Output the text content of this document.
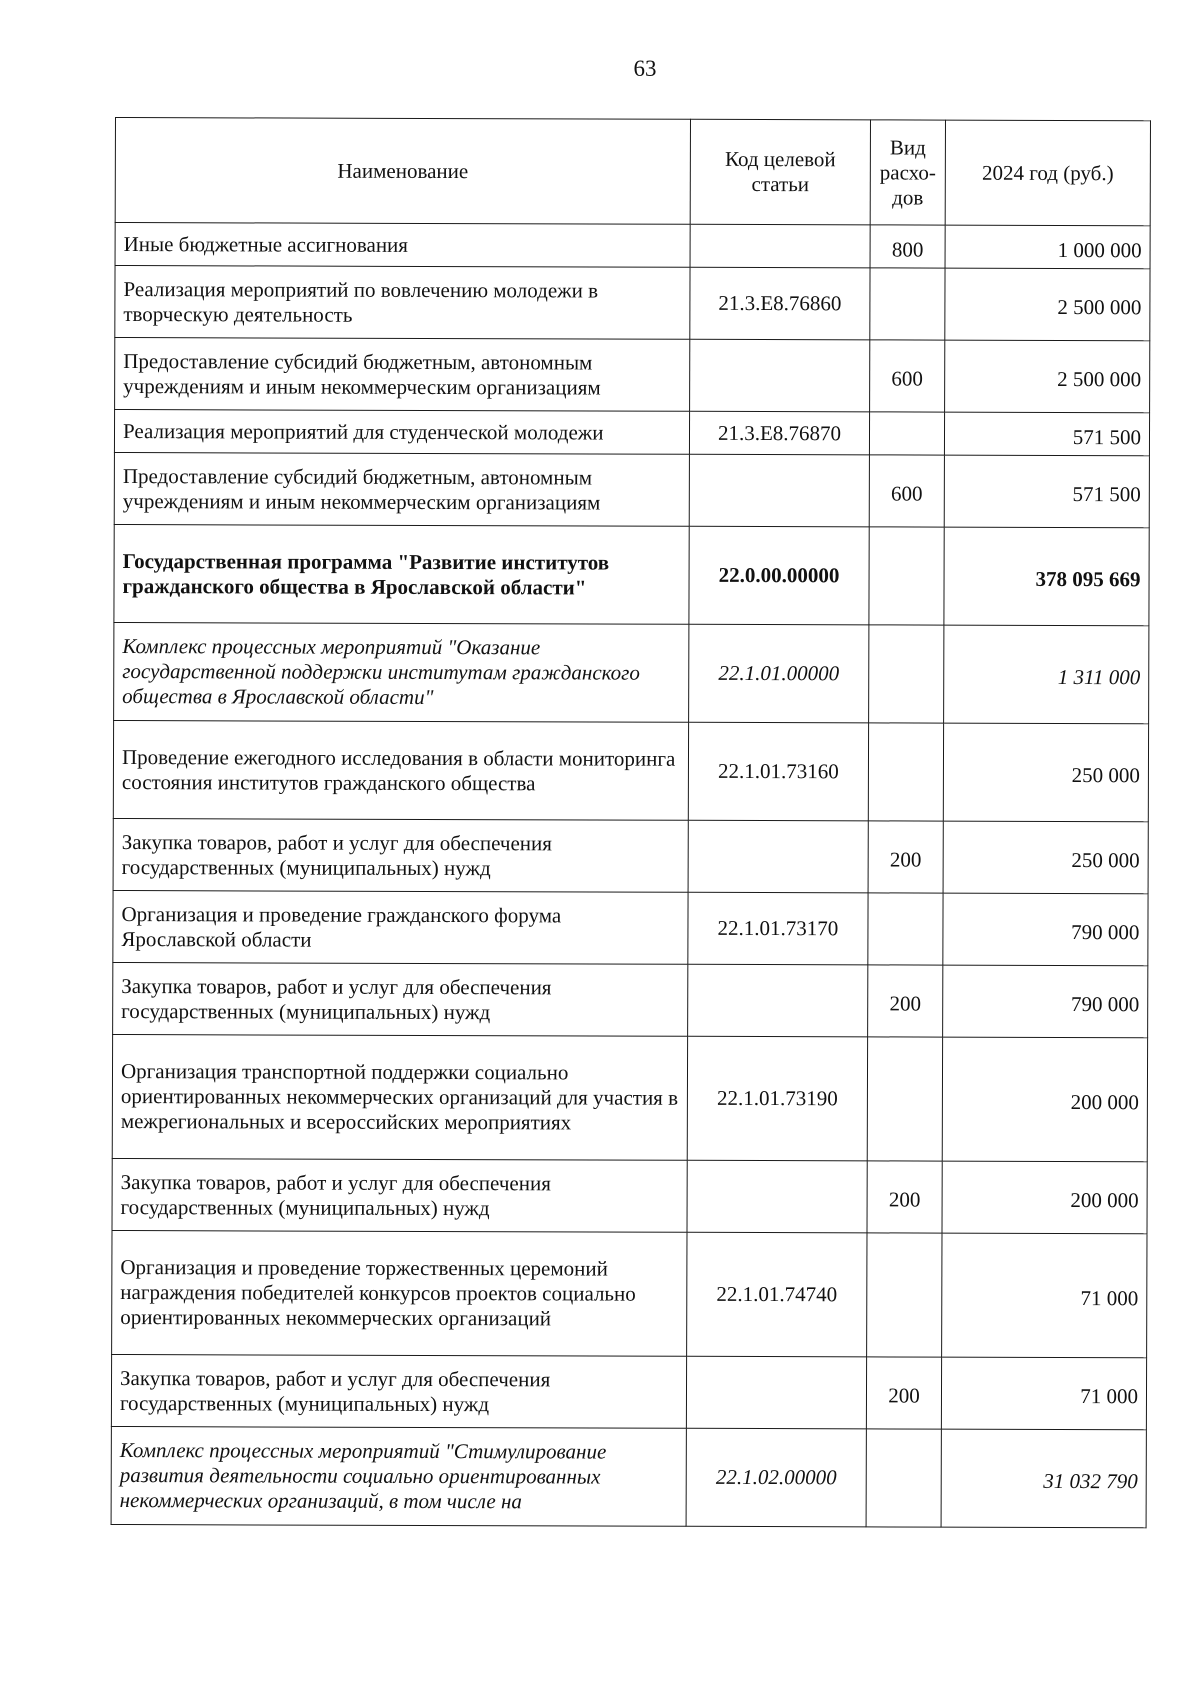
63
Наименование	Код целевой статьи	Вид расхо-дов	2024 год (руб.)
Иные бюджетные ассигнования		800	1 000 000
Реализация мероприятий по вовлечению молодежи в творческую деятельность	21.3.E8.76860		2 500 000
Предоставление субсидий бюджетным, автономным учреждениям и иным некоммерческим организациям		600	2 500 000
Реализация мероприятий для студенческой молодежи	21.3.E8.76870		571 500
Предоставление субсидий бюджетным, автономным учреждениям и иным некоммерческим организациям		600	571 500
Государственная программа "Развитие институтов гражданского общества в Ярославской области"	22.0.00.00000		378 095 669
Комплекс процессных мероприятий "Оказание государственной поддержки институтам гражданского общества в Ярославской области"	22.1.01.00000		1 311 000
Проведение ежегодного исследования в области мониторинга состояния институтов гражданского общества	22.1.01.73160		250 000
Закупка товаров, работ и услуг для обеспечения государственных (муниципальных) нужд		200	250 000
Организация и проведение гражданского форума Ярославской области	22.1.01.73170		790 000
Закупка товаров, работ и услуг для обеспечения государственных (муниципальных) нужд		200	790 000
Организация транспортной поддержки социально ориентированных некоммерческих организаций для участия в межрегиональных и всероссийских мероприятиях	22.1.01.73190		200 000
Закупка товаров, работ и услуг для обеспечения государственных (муниципальных) нужд		200	200 000
Организация и проведение торжественных церемоний награждения победителей конкурсов проектов социально ориентированных некоммерческих организаций	22.1.01.74740		71 000
Закупка товаров, работ и услуг для обеспечения государственных (муниципальных) нужд		200	71 000
Комплекс процессных мероприятий "Стимулирование развития деятельности социально ориентированных некоммерческих организаций, в том числе на	22.1.02.00000		31 032 790
